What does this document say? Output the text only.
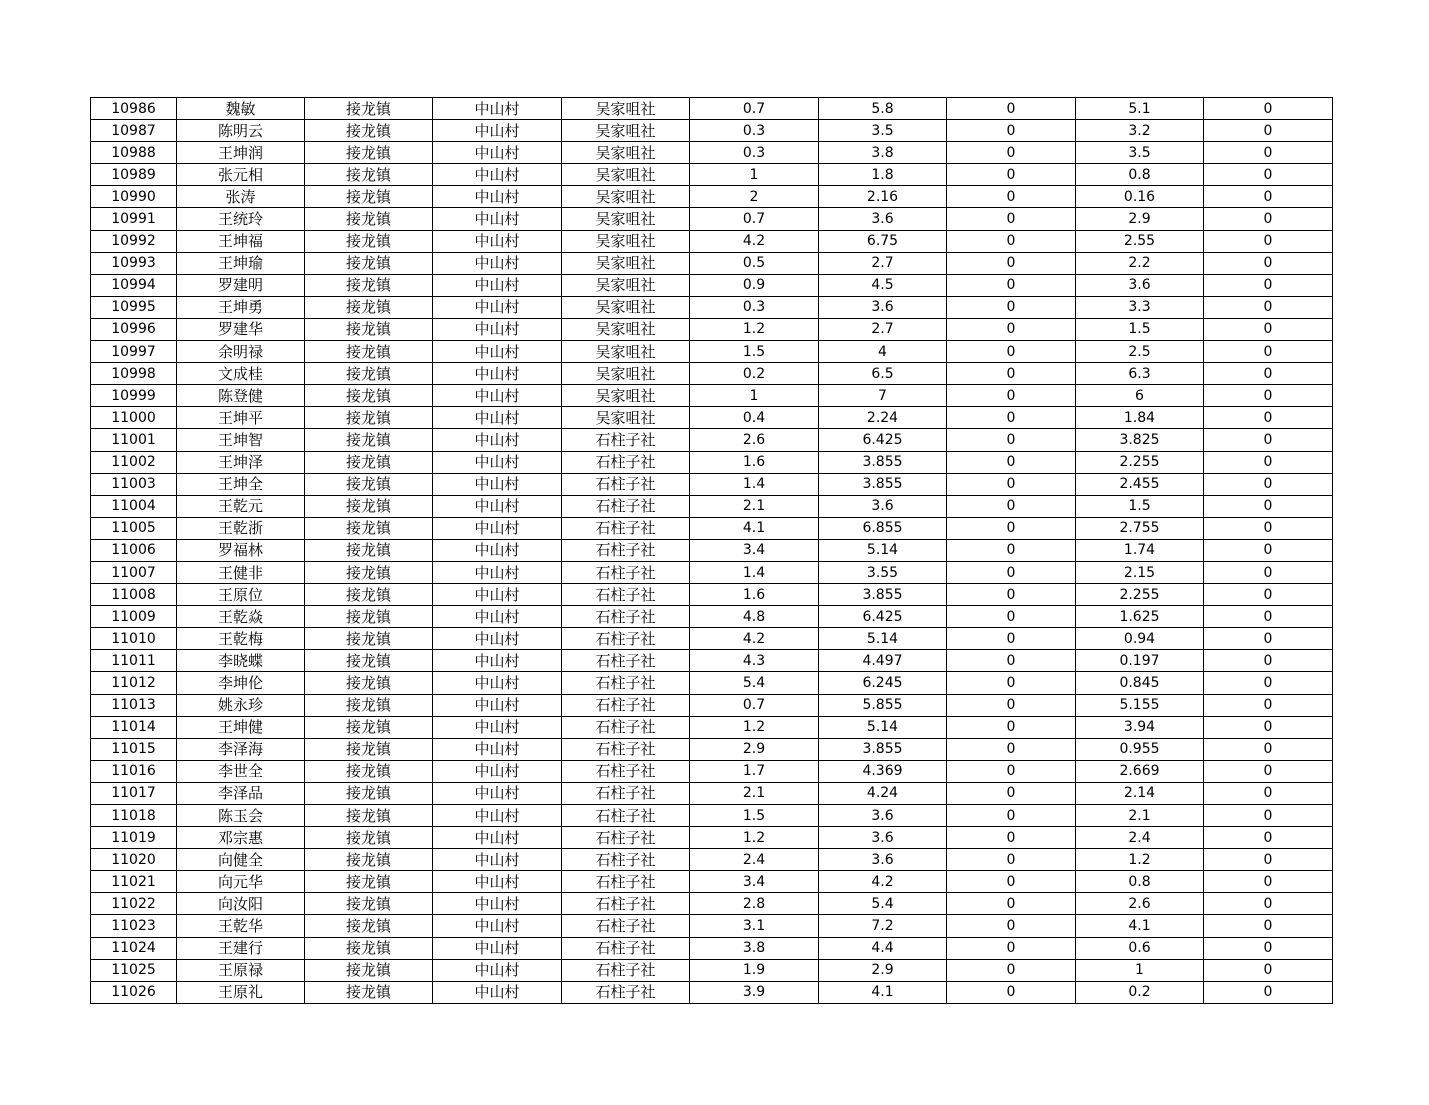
10986	魏敏	接龙镇	中山村	吴家咀社	0.7	5.8	0	5.1	0
10987	陈明云	接龙镇	中山村	吴家咀社	0.3	3.5	0	3.2	0
10988	王坤润	接龙镇	中山村	吴家咀社	0.3	3.8	0	3.5	0
10989	张元相	接龙镇	中山村	吴家咀社	1	1.8	0	0.8	0
10990	张涛	接龙镇	中山村	吴家咀社	2	2.16	0	0.16	0
10991	王统玲	接龙镇	中山村	吴家咀社	0.7	3.6	0	2.9	0
10992	王坤福	接龙镇	中山村	吴家咀社	4.2	6.75	0	2.55	0
10993	王坤瑜	接龙镇	中山村	吴家咀社	0.5	2.7	0	2.2	0
10994	罗建明	接龙镇	中山村	吴家咀社	0.9	4.5	0	3.6	0
10995	王坤勇	接龙镇	中山村	吴家咀社	0.3	3.6	0	3.3	0
10996	罗建华	接龙镇	中山村	吴家咀社	1.2	2.7	0	1.5	0
10997	余明禄	接龙镇	中山村	吴家咀社	1.5	4	0	2.5	0
10998	文成桂	接龙镇	中山村	吴家咀社	0.2	6.5	0	6.3	0
10999	陈登健	接龙镇	中山村	吴家咀社	1	7	0	6	0
11000	王坤平	接龙镇	中山村	吴家咀社	0.4	2.24	0	1.84	0
11001	王坤智	接龙镇	中山村	石柱子社	2.6	6.425	0	3.825	0
11002	王坤泽	接龙镇	中山村	石柱子社	1.6	3.855	0	2.255	0
11003	王坤全	接龙镇	中山村	石柱子社	1.4	3.855	0	2.455	0
11004	王乾元	接龙镇	中山村	石柱子社	2.1	3.6	0	1.5	0
11005	王乾浙	接龙镇	中山村	石柱子社	4.1	6.855	0	2.755	0
11006	罗福林	接龙镇	中山村	石柱子社	3.4	5.14	0	1.74	0
11007	王健非	接龙镇	中山村	石柱子社	1.4	3.55	0	2.15	0
11008	王原位	接龙镇	中山村	石柱子社	1.6	3.855	0	2.255	0
11009	王乾焱	接龙镇	中山村	石柱子社	4.8	6.425	0	1.625	0
11010	王乾梅	接龙镇	中山村	石柱子社	4.2	5.14	0	0.94	0
11011	李晓蝶	接龙镇	中山村	石柱子社	4.3	4.497	0	0.197	0
11012	李坤伦	接龙镇	中山村	石柱子社	5.4	6.245	0	0.845	0
11013	姚永珍	接龙镇	中山村	石柱子社	0.7	5.855	0	5.155	0
11014	王坤健	接龙镇	中山村	石柱子社	1.2	5.14	0	3.94	0
11015	李泽海	接龙镇	中山村	石柱子社	2.9	3.855	0	0.955	0
11016	李世全	接龙镇	中山村	石柱子社	1.7	4.369	0	2.669	0
11017	李泽品	接龙镇	中山村	石柱子社	2.1	4.24	0	2.14	0
11018	陈玉会	接龙镇	中山村	石柱子社	1.5	3.6	0	2.1	0
11019	邓宗惠	接龙镇	中山村	石柱子社	1.2	3.6	0	2.4	0
11020	向健全	接龙镇	中山村	石柱子社	2.4	3.6	0	1.2	0
11021	向元华	接龙镇	中山村	石柱子社	3.4	4.2	0	0.8	0
11022	向汝阳	接龙镇	中山村	石柱子社	2.8	5.4	0	2.6	0
11023	王乾华	接龙镇	中山村	石柱子社	3.1	7.2	0	4.1	0
11024	王建行	接龙镇	中山村	石柱子社	3.8	4.4	0	0.6	0
11025	王原禄	接龙镇	中山村	石柱子社	1.9	2.9	0	1	0
11026	王原礼	接龙镇	中山村	石柱子社	3.9	4.1	0	0.2	0
